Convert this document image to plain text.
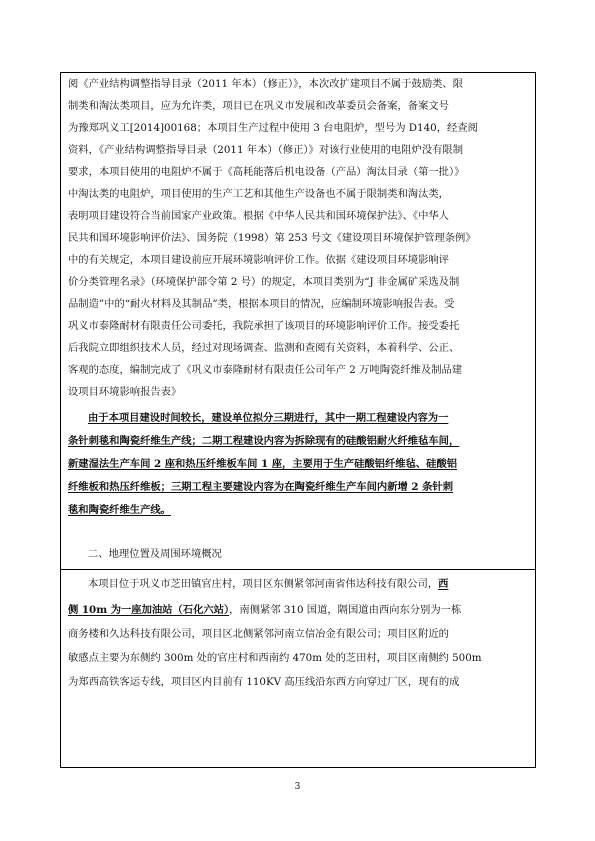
阅《产业结构调整指导目录（2011 年本）（修正）》，本次改扩建项目不属于鼓励类、限
制类和淘汰类项目，应为允许类，项目已在巩义市发展和改革委员会备案，备案文号
为豫郑巩义工[2014]00168；本项目生产过程中使用 3 台电阻炉，型号为 D140，经查阅
资料，《产业结构调整指导目录（2011 年本）（修正）》对该行业使用的电阻炉没有限制
要求，本项目使用的电阻炉不属于《高耗能落后机电设备（产品）淘汰目录（第一批）》
中淘汰类的电阻炉，项目使用的生产工艺和其他生产设备也不属于限制类和淘汰类，
表明项目建设符合当前国家产业政策。根据《中华人民共和国环境保护法》、《中华人
民共和国环境影响评价法》、国务院（1998）第 253 号文《建设项目环境保护管理条例》
中的有关规定，本项目建设前应开展环境影响评价工作。依据《建设项目环境影响评
价分类管理名录》（环境保护部令第 2 号）的规定，本项目类别为“J 非金属矿采选及制
品制造”中的“耐火材料及其制品”类，根据本项目的情况，应编制环境影响报告表。受
巩义市泰隆耐材有限责任公司委托，我院承担了该项目的环境影响评价工作。接受委托
后我院立即组织技术人员，经过对现场调查、监测和查阅有关资料，本着科学、公正、
客观的态度，编制完成了《巩义市泰隆耐材有限责任公司年产 2 万吨陶瓷纤维及制品建
设项目环境影响报告表》
由于本项目建设时间较长，建设单位拟分三期进行，其中一期工程建设内容为一
条针刺毯和陶瓷纤维生产线；二期工程建设内容为拆除现有的硅酸铝耐火纤维毡车间，
新建湿法生产车间 2 座和热压纤维板车间 1 座，主要用于生产硅酸铝纤维毡、硅酸铝
纤维板和热压纤维板；三期工程主要建设内容为在陶瓷纤维生产车间内新增 2 条针刺
毯和陶瓷纤维生产线。
二、地理位置及周围环境概况
本项目位于巩义市芝田镇官庄村，项目区东侧紧邻河南省伟达科技有限公司，西
侧 10m 为一座加油站（石化六站），南侧紧邻 310 国道，隔国道由西向东分别为一栋
商务楼和久达科技有限公司，项目区北侧紧邻河南立信冶金有限公司；项目区附近的
敏感点主要为东侧约 300m 处的官庄村和西南约 470m 处的芝田村，项目区南侧约 500m
为郑西高铁客运专线，项目区内目前有 110KV 高压线沿东西方向穿过厂区，现有的成
3
